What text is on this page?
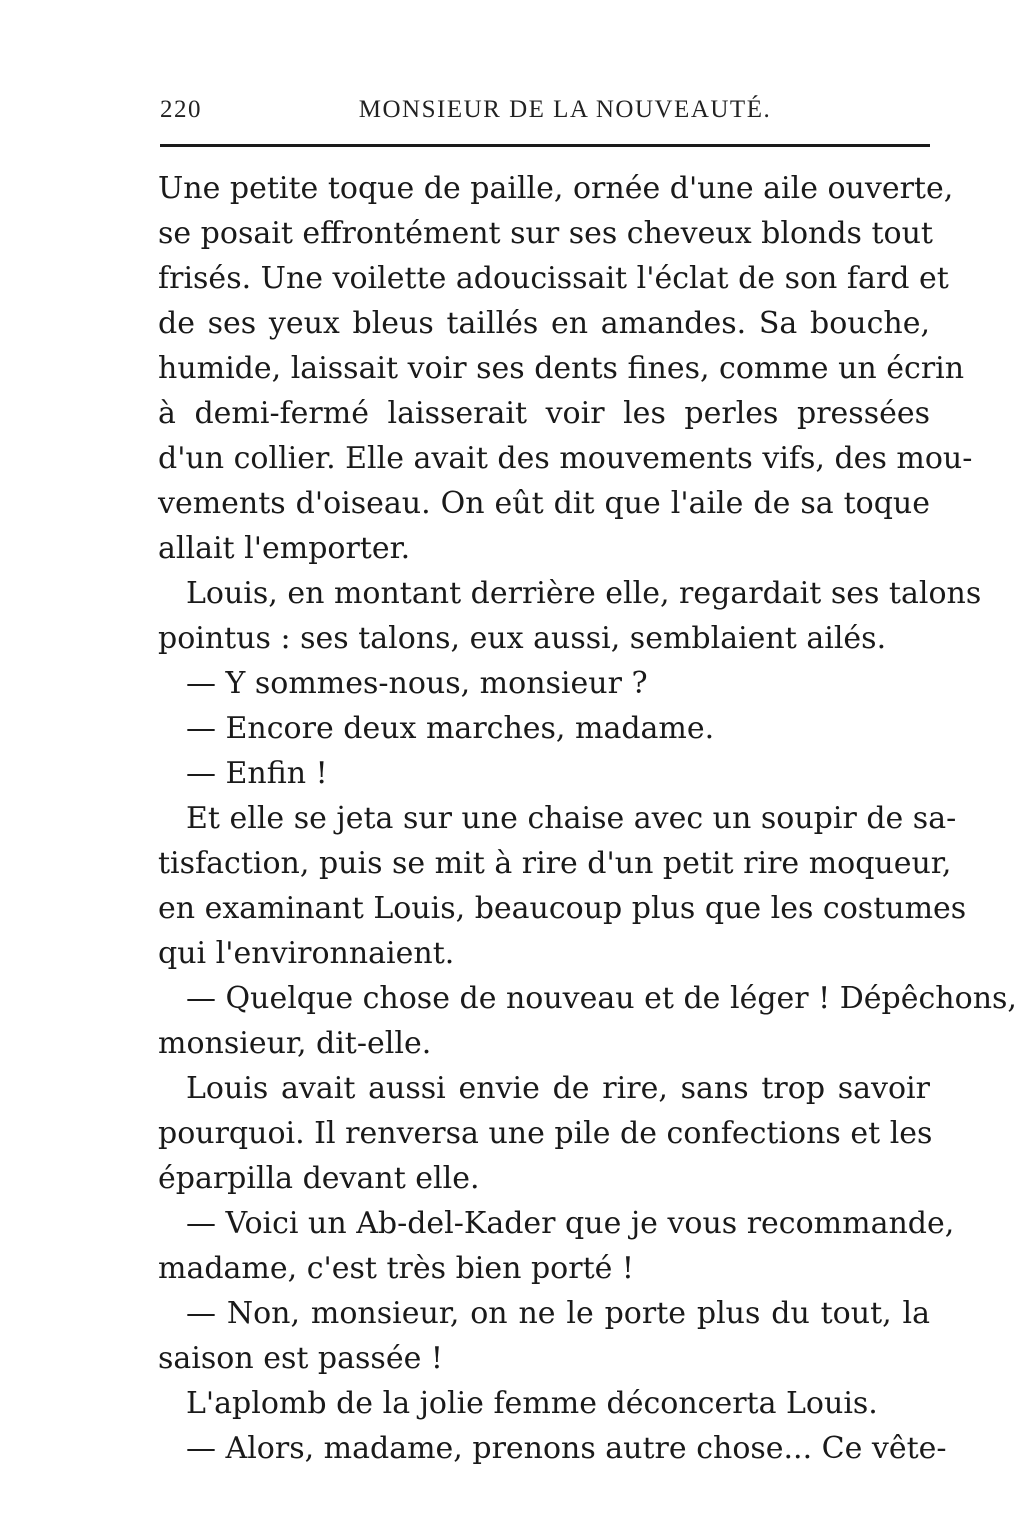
220	MONSIEUR DE LA NOUVEAUTÉ.
Une petite toque de paille, ornée d'une aile ouverte,
se posait effrontément sur ses cheveux blonds tout
frisés. Une voilette adoucissait l'éclat de son fard et
de ses yeux bleus taillés en amandes. Sa bouche,
humide, laissait voir ses dents fines, comme un écrin
à demi-fermé laisserait voir les perles pressées
d'un collier. Elle avait des mouvements vifs, des mou-
vements d'oiseau. On eût dit que l'aile de sa toque
allait l'emporter.
Louis, en montant derrière elle, regardait ses talons
pointus : ses talons, eux aussi, semblaient ailés.
— Y sommes-nous, monsieur ?
— Encore deux marches, madame.
— Enfin !
Et elle se jeta sur une chaise avec un soupir de sa-
tisfaction, puis se mit à rire d'un petit rire moqueur,
en examinant Louis, beaucoup plus que les costumes
qui l'environnaient.
— Quelque chose de nouveau et de léger ! Dépêchons,
monsieur, dit-elle.
Louis avait aussi envie de rire, sans trop savoir
pourquoi. Il renversa une pile de confections et les
éparpilla devant elle.
— Voici un Ab-del-Kader que je vous recommande,
madame, c'est très bien porté !
— Non, monsieur, on ne le porte plus du tout, la
saison est passée !
L'aplomb de la jolie femme déconcerta Louis.
— Alors, madame, prenons autre chose... Ce vête-
